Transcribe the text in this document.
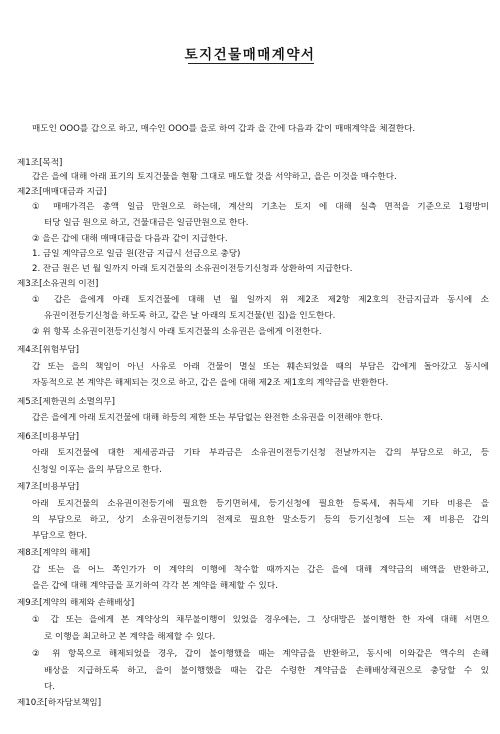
토지건물매매계약서

매도인 OOO를 갑으로 하고, 매수인 OOO를 을로 하여 갑과 을 간에 다음과 같이 매매계약을 체결한다.

제1조[목적]

갑은 을에 대해 아래 표기의 토지건물을 현황 그대로 매도할 것을 서약하고, 을은 이것을 매수한다.

제2조[매매대금과 지급]

① 매매가격은 총액 일금 만원으로 하는데, 계산의 기초는 토지 에 대해 실측 면적을 기준으로 1평방미

터당 일금 원으로 하고, 건물대금은 일금만원으로 한다.

② 을은 갑에 대해 매매대금을 다음과 같이 지급한다.

1. 금일 계약금으로 일금 원(잔금 지급시 선금으로 충당)

2. 잔금 원은 년 월 일까지 아래 토지건물의 소유권이전등기신청과 상환하여 지급한다.

제3조[소유권의 이전]

① 갑은 을에게 아래 토지건물에 대해 년 월 일까지 위 제2조 제2항 제2호의 잔금지급과 동시에 소

유권이전등기신청을 하도록 하고, 같은 날 아래의 토지건물(빈 집)을 인도한다.

② 위 항목 소유권이전등기신청시 아래 토지건물의 소유권은 을에게 이전한다.

제4조[위험부담]

갑 또는 을의 책임이 아닌 사유로 아래 건물이 멸실 또는 훼손되었을 때의 부담은 갑에게 돌아갔고 동시에

자동적으로 본 계약은 해제되는 것으로 하고, 갑은 을에 대해 제2조 제1호의 계약금을 반환한다.

제5조[제한권의 소멸의무]

갑은 을에게 아래 토지건물에 대해 하등의 제한 또는 부담없는 완전한 소유권을 이전해야 한다.

제6조[비용부담]

아래 토지건물에 대한 제세공과금 기타 부과금은 소유권이전등기신청 전날까지는 갑의 부담으로 하고, 등

신청일 이후는 을의 부담으로 한다.

제7조[비용부담]

아래 토지건물의 소유권이전등기에 필요한 등기면허세, 등기신청에 필요한 등록세, 취득세 기타 비용은 을

의 부담으로 하고, 상기 소유권이전등기의 전제로 필요한 말소등기 등의 등기신청에 드는 제 비용은 갑의

부담으로 한다.

제8조[계약의 해제]

갑 또는 을 어느 쪽인가가 이 계약의 이행에 착수할 때까지는 갑은 을에 대해 계약금의 배액을 반환하고,

을은 갑에 대해 계약금을 포기하여 각각 본 계약을 해제할 수 있다.

제9조[계약의 해제와 손해배상]

① 갑 또는 을에게 본 계약상의 채무불이행이 있었을 경우에는, 그 상대방은 불이행한 한 자에 대해 서면으

로 이행을 최고하고 본 계약을 해제할 수 있다.

② 위 항목으로 해제되었을 경우, 갑이 불이행했을 때는 계약금을 반환하고, 동시에 이와같은 액수의 손해

배상을 지급하도록 하고, 을이 불이행했을 때는 갑은 수령한 계약금을 손해배상채권으로 충당할 수 있

다.

제10조[하자담보책임]
